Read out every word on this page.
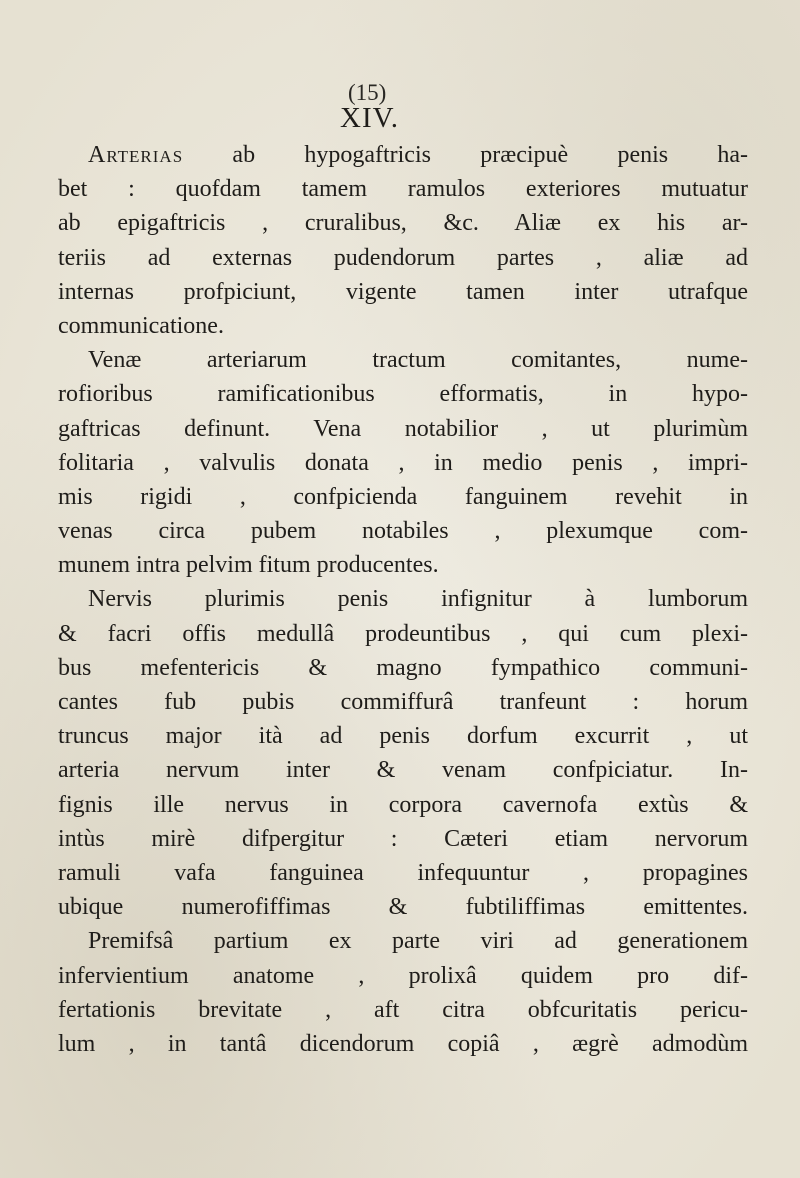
(15)
XIV.
Arterias ab hypogaftricis præcipuè penis ha-
bet : quofdam tamem ramulos exteriores mutuatur
ab epigaftricis , cruralibus, &c. Aliæ ex his ar-
teriis ad externas pudendorum partes , aliæ ad
internas profpiciunt, vigente tamen inter utrafque
communicatione.
Venæ arteriarum tractum comitantes, nume-
rofioribus ramificationibus efformatis, in hypo-
gaftricas definunt. Vena notabilior , ut plurimùm
folitaria , valvulis donata , in medio penis , impri-
mis rigidi , confpicienda fanguinem revehit in
venas circa pubem notabiles , plexumque com-
munem intra pelvim fitum producentes.
Nervis plurimis penis infignitur à lumborum
& facri offis medullâ prodeuntibus , qui cum plexi-
bus mefentericis & magno fympathico communi-
cantes fub pubis commiffurâ tranfeunt : horum
truncus major ità ad penis dorfum excurrit , ut
arteria nervum inter & venam confpiciatur. In-
fignis ille nervus in corpora cavernofa extùs &
intùs mirè difpergitur : Cæteri etiam nervorum
ramuli vafa fanguinea infequuntur , propagines
ubique numerofiffimas & fubtiliffimas emittentes.
Premifsâ partium ex parte viri ad generationem
infervientium anatome , prolixâ quidem pro dif-
fertationis brevitate , aft citra obfcuritatis pericu-
lum , in tantâ dicendorum copiâ , ægrè admodùm
